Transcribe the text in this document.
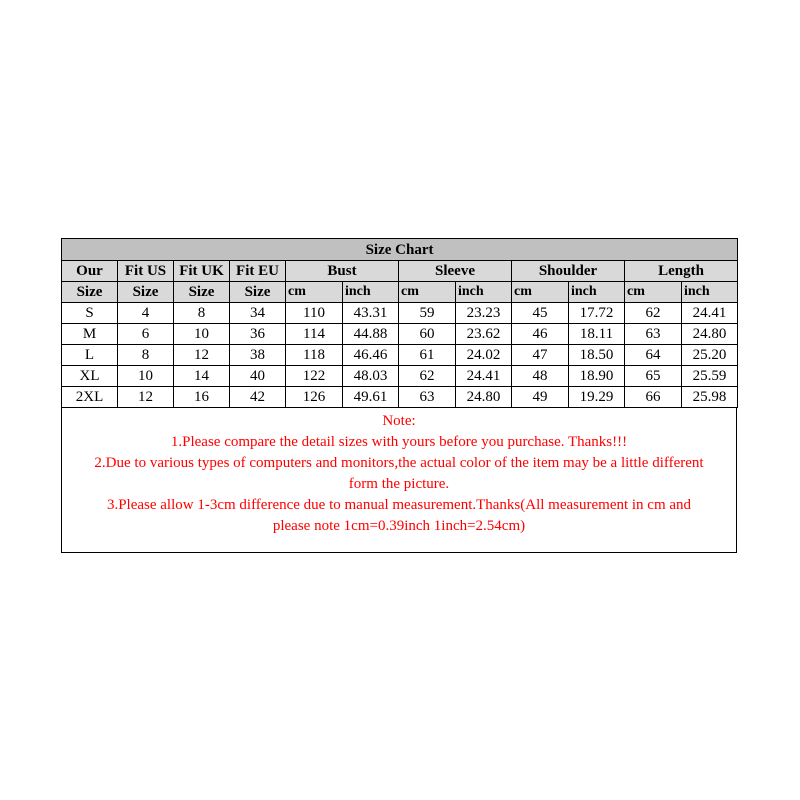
Size Chart											
Our	Fit US	Fit UK	Fit EU	Bust		Sleeve		Shoulder		Length	
Size	Size	Size	Size	cm	inch	cm	inch	cm	inch	cm	inch
S	4	8	34	110	43.31	59	23.23	45	17.72	62	24.41
M	6	10	36	114	44.88	60	23.62	46	18.11	63	24.80
L	8	12	38	118	46.46	61	24.02	47	18.50	64	25.20
XL	10	14	40	122	48.03	62	24.41	48	18.90	65	25.59
2XL	12	16	42	126	49.61	63	24.80	49	19.29	66	25.98
Note:
1.Please compare the detail sizes with yours before you purchase. Thanks!!!
2.Due to various types of computers and monitors,the actual color of the item may be a little different
form the picture.
3.Please allow 1-3cm difference due to manual measurement.Thanks(All measurement in cm and
please note 1cm=0.39inch 1inch=2.54cm)
